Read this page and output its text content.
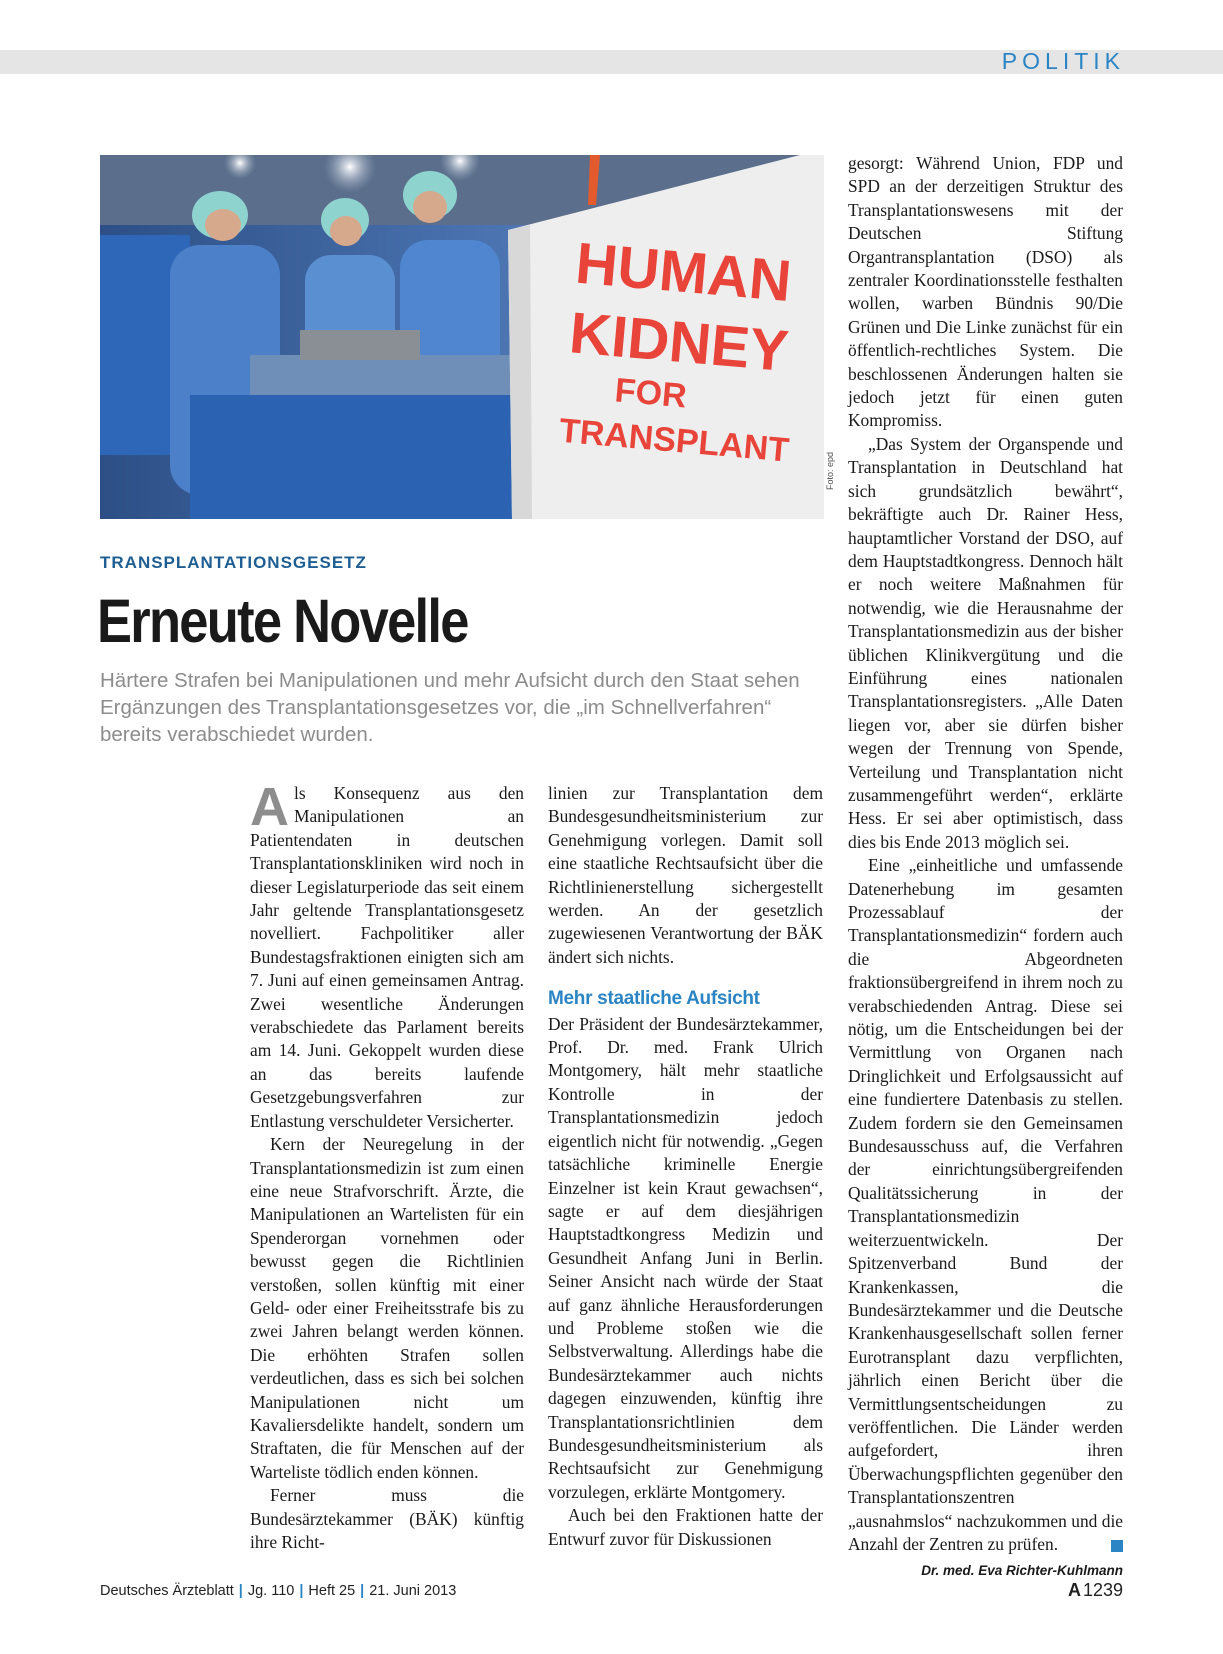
POLITIK
HUMAN
KIDNEY
FOR
TRANSPLANT
Foto: epd
TRANSPLANTATIONSGESETZ
Erneute Novelle
Härtere Strafen bei Manipulationen und mehr Aufsicht durch den Staat sehen Ergänzungen des Transplantationsgesetzes vor, die „im Schnellverfahren“ bereits verabschiedet wurden.

Als Konsequenz aus den Manipulationen an Patientendaten in deutschen Transplantationskliniken wird noch in dieser Legislaturperiode das seit einem Jahr geltende Transplantationsgesetz novelliert. Fachpolitiker aller Bundestagsfraktionen einigten sich am 7. Juni auf einen gemeinsamen Antrag. Zwei wesentliche Änderungen verabschiedete das Parlament bereits am 14. Juni. Gekoppelt wurden diese an das bereits laufende Gesetzgebungsverfahren zur Entlastung verschuldeter Versicherter.

Kern der Neuregelung in der Transplantationsmedizin ist zum einen eine neue Strafvorschrift. Ärzte, die Manipulationen an Wartelisten für ein Spenderorgan vornehmen oder bewusst gegen die Richtlinien verstoßen, sollen künftig mit einer Geld- oder einer Freiheitsstrafe bis zu zwei Jahren belangt werden können. Die erhöhten Strafen sollen verdeutlichen, dass es sich bei solchen Manipulationen nicht um Kavaliersdelikte handelt, sondern um Straftaten, die für Menschen auf der Warteliste tödlich enden können.

Ferner muss die Bundesärztekammer (BÄK) künftig ihre Richt-

linien zur Transplantation dem Bundesgesundheitsministerium zur Genehmigung vorlegen. Damit soll eine staatliche Rechtsaufsicht über die Richtlinienerstellung sichergestellt werden. An der gesetzlich zugewiesenen Verantwortung der BÄK ändert sich nichts.

Mehr staatliche Aufsicht

Der Präsident der Bundesärztekammer, Prof. Dr. med. Frank Ulrich Montgomery, hält mehr staatliche Kontrolle in der Transplantationsmedizin jedoch eigentlich nicht für notwendig. „Gegen tatsächliche kriminelle Energie Einzelner ist kein Kraut gewachsen“, sagte er auf dem diesjährigen Hauptstadtkongress Medizin und Gesundheit Anfang Juni in Berlin. Seiner Ansicht nach würde der Staat auf ganz ähnliche Herausforderungen und Probleme stoßen wie die Selbstverwaltung. Allerdings habe die Bundesärztekammer auch nichts dagegen einzuwenden, künftig ihre Transplantationsrichtlinien dem Bundesgesundheitsministerium als Rechtsaufsicht zur Genehmigung vorzulegen, erklärte Montgomery.

Auch bei den Fraktionen hatte der Entwurf zuvor für Diskussionen

gesorgt: Während Union, FDP und SPD an der derzeitigen Struktur des Transplantationswesens mit der Deutschen Stiftung Organtransplantation (DSO) als zentraler Koordinationsstelle festhalten wollen, warben Bündnis 90/Die Grünen und Die Linke zunächst für ein öffentlich-rechtliches System. Die beschlossenen Änderungen halten sie jedoch jetzt für einen guten Kompromiss.

„Das System der Organspende und Transplantation in Deutschland hat sich grundsätzlich bewährt“, bekräftigte auch Dr. Rainer Hess, hauptamtlicher Vorstand der DSO, auf dem Hauptstadtkongress. Dennoch hält er noch weitere Maßnahmen für notwendig, wie die Herausnahme der Transplantationsmedizin aus der bisher üblichen Klinikvergütung und die Einführung eines nationalen Transplantationsregisters. „Alle Daten liegen vor, aber sie dürfen bisher wegen der Trennung von Spende, Verteilung und Transplantation nicht zusammengeführt werden“, erklärte Hess. Er sei aber optimistisch, dass dies bis Ende 2013 möglich sei.

Eine „einheitliche und umfassende Datenerhebung im gesamten Prozessablauf der Transplantationsmedizin“ fordern auch die Abgeordneten fraktionsübergreifend in ihrem noch zu verabschiedenden Antrag. Diese sei nötig, um die Entscheidungen bei der Vermittlung von Organen nach Dringlichkeit und Erfolgsaussicht auf eine fundiertere Datenbasis zu stellen. Zudem fordern sie den Gemeinsamen Bundesausschuss auf, die Verfahren der einrichtungsübergreifenden Qualitätssicherung in der Transplantationsmedizin weiterzuentwickeln. Der Spitzenverband Bund der Krankenkassen, die Bundesärztekammer und die Deutsche Krankenhausgesellschaft sollen ferner Eurotransplant dazu verpflichten, jährlich einen Bericht über die Vermittlungsentscheidungen zu veröffentlichen. Die Länder werden aufgefordert, ihren Überwachungspflichten gegenüber den Transplantationszentren „ausnahmslos“ nachzukommen und die Anzahl der Zentren zu prüfen.

Dr. med. Eva Richter-Kuhlmann
Deutsches Ärzteblatt | Jg. 110 | Heft 25 | 21. Juni 2013	A 1239
